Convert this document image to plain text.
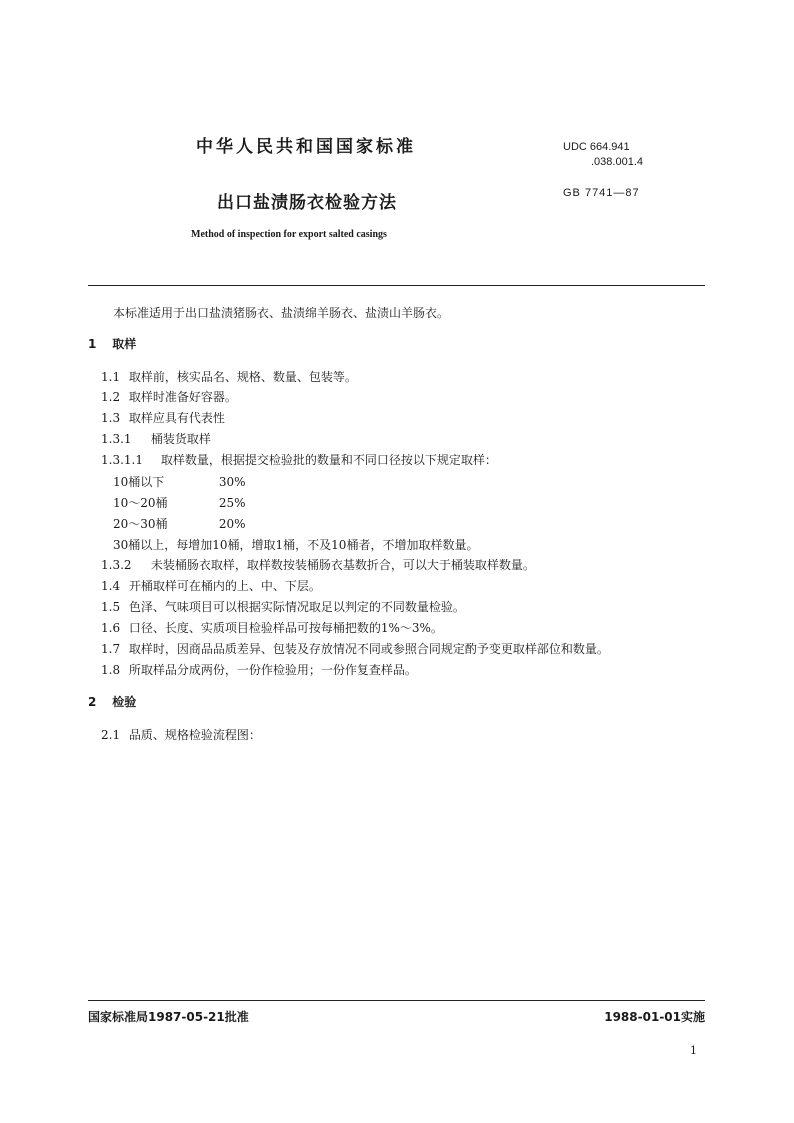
中华人民共和国国家标准	UDC 664.941
.038.001.4
出口盐渍肠衣检验方法	GB 7741—87
Method of inspection for export salted casings
本标准适用于出口盐渍猪肠衣、盐渍绵羊肠衣、盐渍山羊肠衣。
1 取样
1.1 取样前，核实品名、规格、数量、包装等。
1.2 取样时准备好容器。
1.3 取样应具有代表性
1.3.1 桶装货取样
1.3.1.1 取样数量，根据提交检验批的数量和不同口径按以下规定取样：
10桶以下	30%
10～20桶	25%
20～30桶	20%
30桶以上，每增加10桶，增取1桶，不及10桶者，不增加取样数量。
1.3.2 未装桶肠衣取样，取样数按装桶肠衣基数折合，可以大于桶装取样数量。
1.4 开桶取样可在桶内的上、中、下层。
1.5 色泽、气味项目可以根据实际情况取足以判定的不同数量检验。
1.6 口径、长度、实质项目检验样品可按每桶把数的1%～3%。
1.7 取样时，因商品品质差异、包装及存放情况不同或参照合同规定酌予变更取样部位和数量。
1.8 所取样品分成两份，一份作检验用；一份作复查样品。
2 检验
2.1 品质、规格检验流程图：
国家标准局1987-05-21批准	1988-01-01实施
1
